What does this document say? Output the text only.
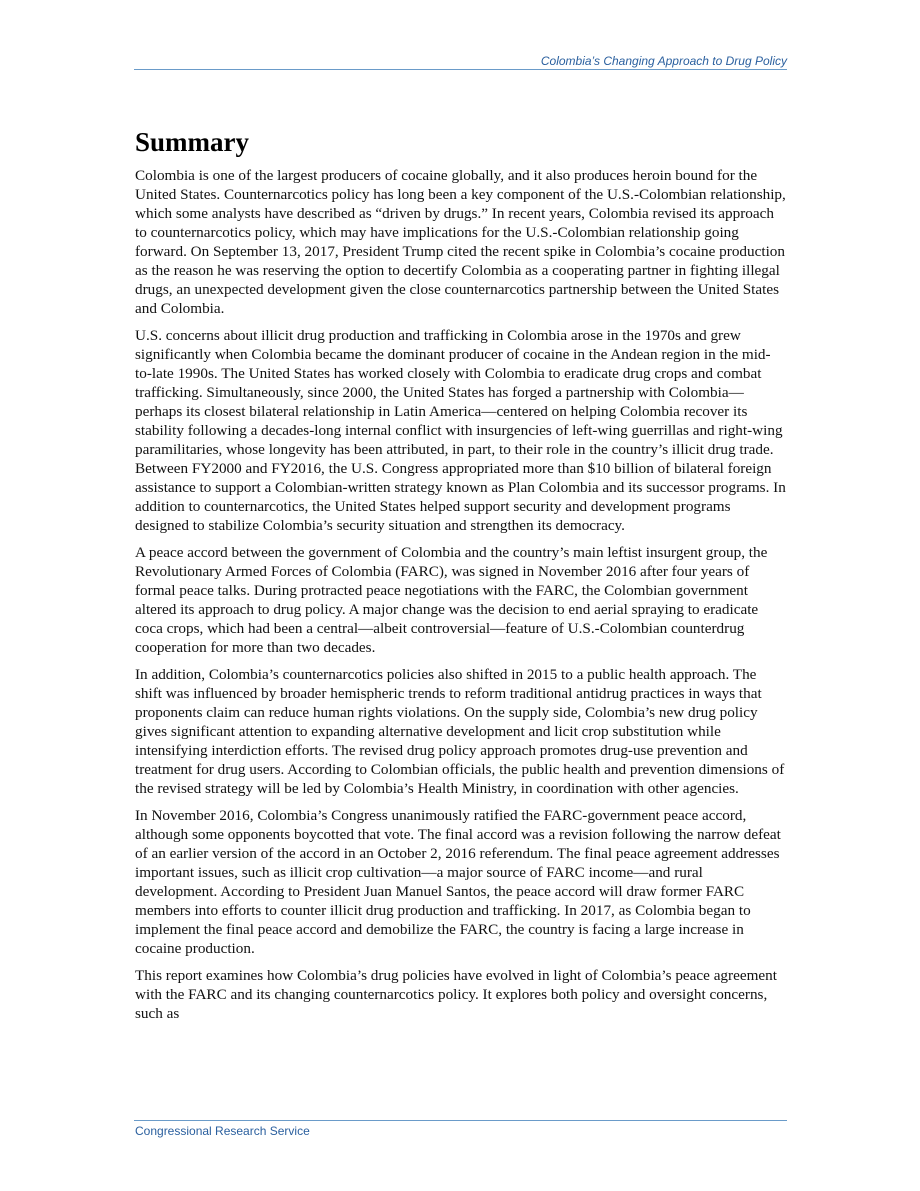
Colombia’s Changing Approach to Drug Policy
Summary

Colombia is one of the largest producers of cocaine globally, and it also produces heroin bound for the United States. Counternarcotics policy has long been a key component of the U.S.-Colombian relationship, which some analysts have described as “driven by drugs.” In recent years, Colombia revised its approach to counternarcotics policy, which may have implications for the U.S.-Colombian relationship going forward. On September 13, 2017, President Trump cited the recent spike in Colombia’s cocaine production as the reason he was reserving the option to decertify Colombia as a cooperating partner in fighting illegal drugs, an unexpected development given the close counternarcotics partnership between the United States and Colombia.

U.S. concerns about illicit drug production and trafficking in Colombia arose in the 1970s and grew significantly when Colombia became the dominant producer of cocaine in the Andean region in the mid-to-late 1990s. The United States has worked closely with Colombia to eradicate drug crops and combat trafficking. Simultaneously, since 2000, the United States has forged a partnership with Colombia—perhaps its closest bilateral relationship in Latin America—centered on helping Colombia recover its stability following a decades-long internal conflict with insurgencies of left-wing guerrillas and right-wing paramilitaries, whose longevity has been attributed, in part, to their role in the country’s illicit drug trade. Between FY2000 and FY2016, the U.S. Congress appropriated more than $10 billion of bilateral foreign assistance to support a Colombian-written strategy known as Plan Colombia and its successor programs. In addition to counternarcotics, the United States helped support security and development programs designed to stabilize Colombia’s security situation and strengthen its democracy.

A peace accord between the government of Colombia and the country’s main leftist insurgent group, the Revolutionary Armed Forces of Colombia (FARC), was signed in November 2016 after four years of formal peace talks. During protracted peace negotiations with the FARC, the Colombian government altered its approach to drug policy. A major change was the decision to end aerial spraying to eradicate coca crops, which had been a central—albeit controversial—feature of U.S.-Colombian counterdrug cooperation for more than two decades.

In addition, Colombia’s counternarcotics policies also shifted in 2015 to a public health approach. The shift was influenced by broader hemispheric trends to reform traditional antidrug practices in ways that proponents claim can reduce human rights violations. On the supply side, Colombia’s new drug policy gives significant attention to expanding alternative development and licit crop substitution while intensifying interdiction efforts. The revised drug policy approach promotes drug-use prevention and treatment for drug users. According to Colombian officials, the public health and prevention dimensions of the revised strategy will be led by Colombia’s Health Ministry, in coordination with other agencies.

In November 2016, Colombia’s Congress unanimously ratified the FARC-government peace accord, although some opponents boycotted that vote. The final accord was a revision following the narrow defeat of an earlier version of the accord in an October 2, 2016 referendum. The final peace agreement addresses important issues, such as illicit crop cultivation—a major source of FARC income—and rural development. According to President Juan Manuel Santos, the peace accord will draw former FARC members into efforts to counter illicit drug production and trafficking. In 2017, as Colombia began to implement the final peace accord and demobilize the FARC, the country is facing a large increase in cocaine production.

This report examines how Colombia’s drug policies have evolved in light of Colombia’s peace agreement with the FARC and its changing counternarcotics policy. It explores both policy and oversight concerns, such as

Congressional Research Service
